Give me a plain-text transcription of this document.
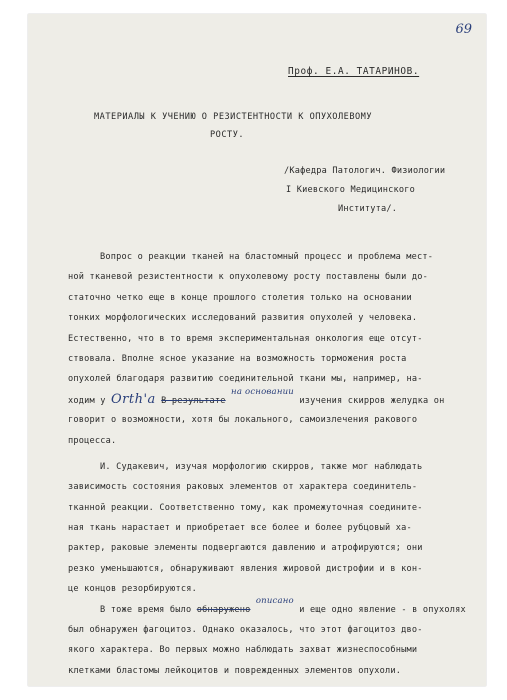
69
Проф. Е.А. ТАТАРИНОВ.
МАТЕРИАЛЫ К УЧЕНИЮ О РЕЗИСТЕНТНОСТИ К ОПУХОЛЕВОМУ
РОСТУ.
/Кафедра Патологич. Физиологии
I Киевского Медицинского
Института/.
Вопрос о реакции тканей на бластомный процесс и проблема мест-
ной тканевой резистентности к опухолевому росту поставлены были до-
статочно четко еще в конце прошлого столетия только на основании
тонких морфологических исследований развития опухолей у человека.
Естественно, что в то время экспериментальная онкология еще отсут-
ствовала. Вполне ясное указание на возможность торможения роста
опухолей благодаря развитию соединительной ткани мы, например, на-
ходим у Orth'a В результате на основании изучения скирров желудка он
говорит о возможности, хотя бы локального, самоизлечения ракового
процесса.
И. Судакевич, изучая морфологию скирров, также мог наблюдать
зависимость состояния раковых элементов от характера соединитель-
тканной реакции. Соответственно тому, как промежуточная соедините-
ная ткань нарастает и приобретает все более и более рубцовый ха-
рактер, раковые элементы подвергаются давлению и атрофируются; они
резко уменьшаются, обнаруживают явления жировой дистрофии и в кон-
це концов резорбируются.
В тоже время было обнаружено описано и еще одно явление - в опухолях
был обнаружен фагоцитоз. Однако оказалось, что этот фагоцитоз дво-
якого характера. Во первых можно наблюдать захват жизнеспособными
клетками бластомы лейкоцитов и поврежденных элементов опухоли.
